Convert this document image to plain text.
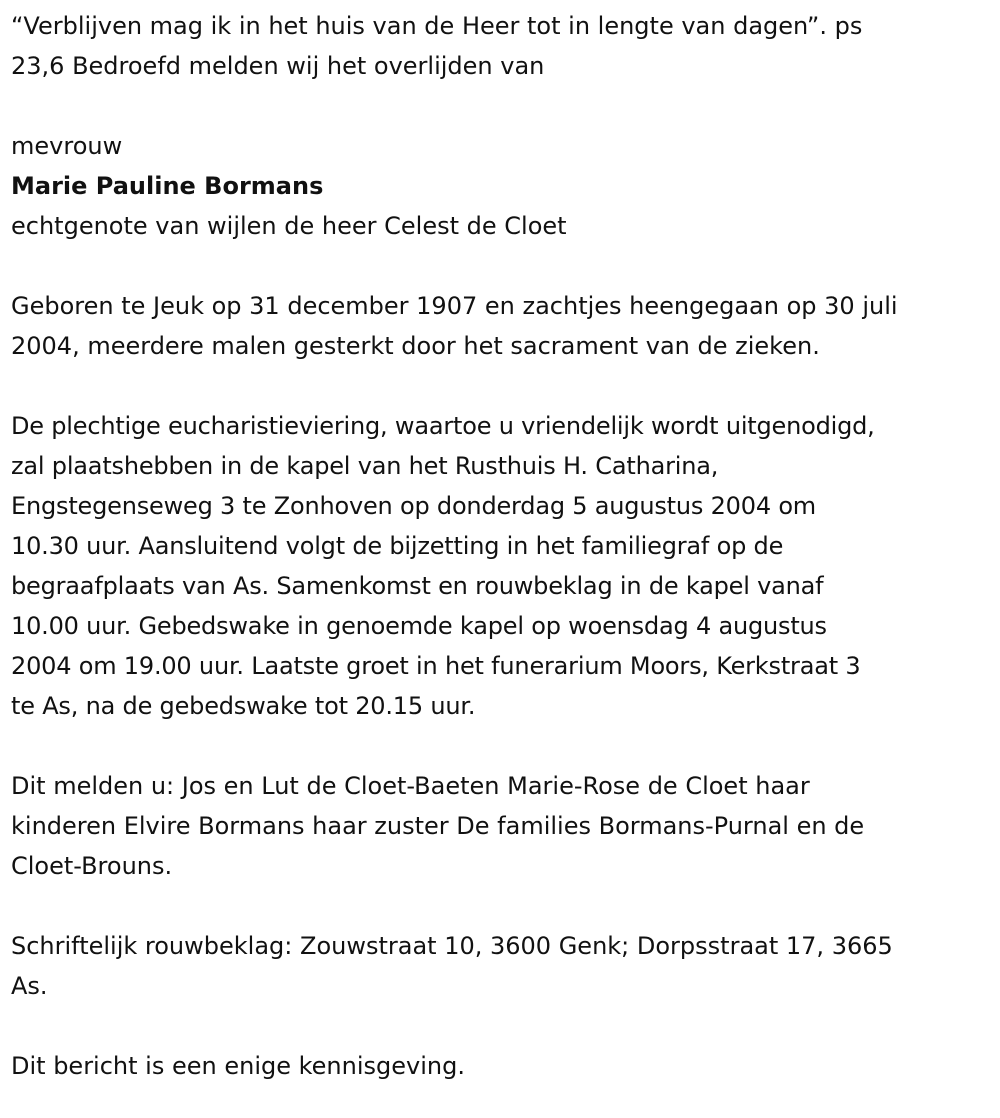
“Verblijven mag ik in het huis van de Heer tot in lengte van dagen”. ps
23,6 Bedroefd melden wij het overlijden van

mevrouw

Marie Pauline Bormans

echtgenote van wijlen de heer Celest de Cloet

Geboren te Jeuk op 31 december 1907 en zachtjes heengegaan op 30 juli
2004, meerdere malen gesterkt door het sacrament van de zieken.

De plechtige eucharistieviering, waartoe u vriendelijk wordt uitgenodigd,
zal plaatshebben in de kapel van het Rusthuis H. Catharina,
Engstegenseweg 3 te Zonhoven op donderdag 5 augustus 2004 om
10.30 uur. Aansluitend volgt de bijzetting in het familiegraf op de
begraafplaats van As. Samenkomst en rouwbeklag in de kapel vanaf
10.00 uur. Gebedswake in genoemde kapel op woensdag 4 augustus
2004 om 19.00 uur. Laatste groet in het funerarium Moors, Kerkstraat 3
te As, na de gebedswake tot 20.15 uur.

Dit melden u: Jos en Lut de Cloet-Baeten Marie-Rose de Cloet haar
kinderen Elvire Bormans haar zuster De families Bormans-Purnal en de
Cloet-Brouns.

Schriftelijk rouwbeklag: Zouwstraat 10, 3600 Genk; Dorpsstraat 17, 3665
As.

Dit bericht is een enige kennisgeving.
